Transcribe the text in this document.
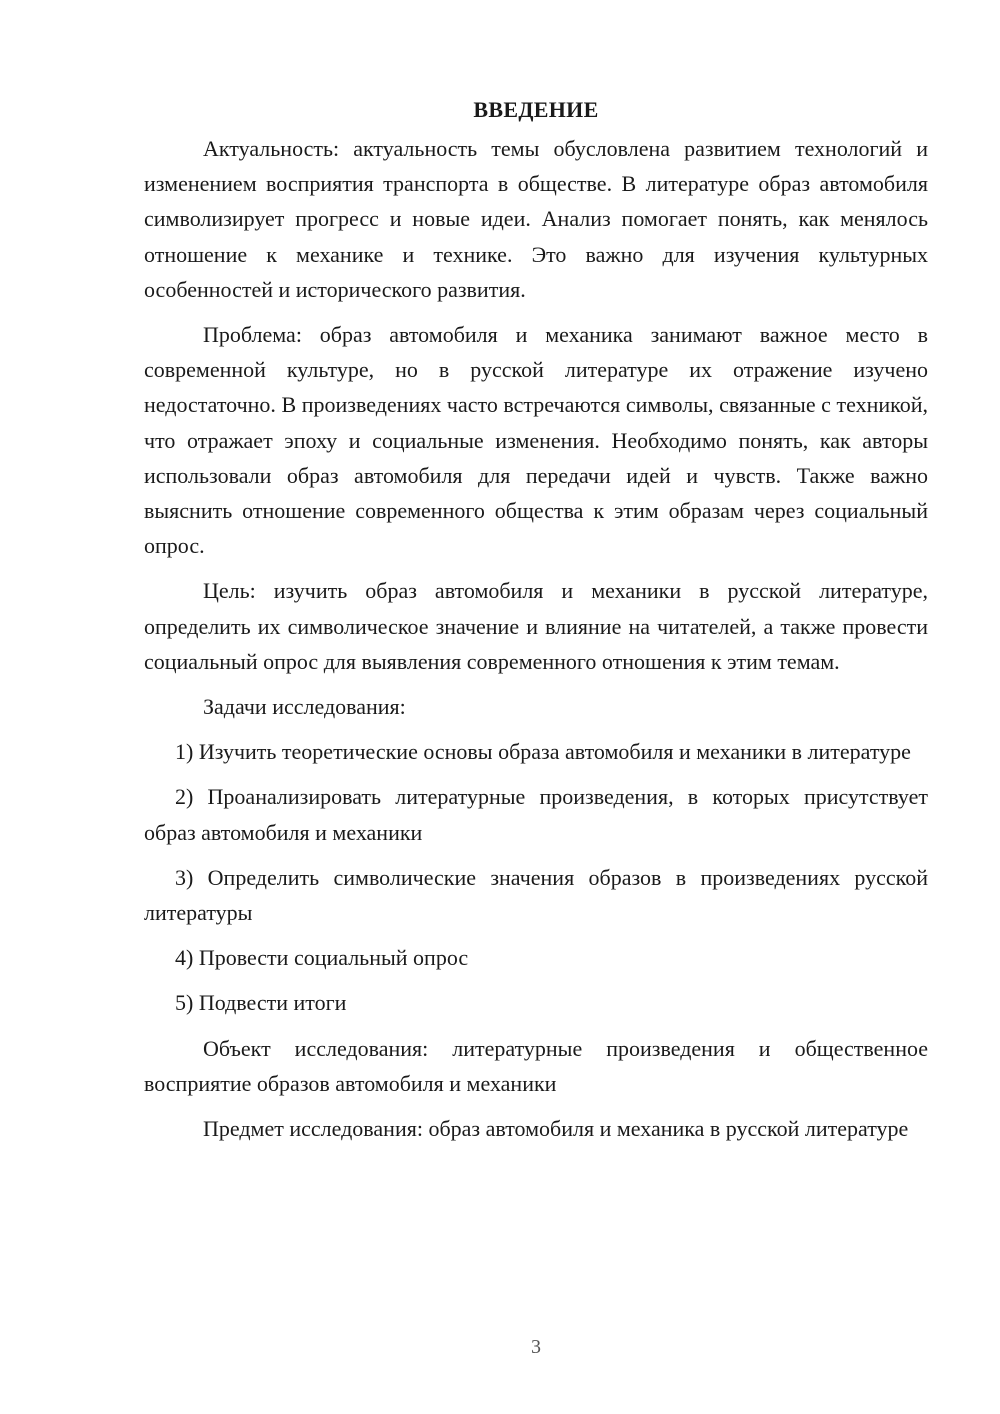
ВВЕДЕНИЕ

Актуальность: актуальность темы обусловлена развитием технологий и изменением восприятия транспорта в обществе. В литературе образ автомобиля символизирует прогресс и новые идеи. Анализ помогает понять, как менялось отношение к механике и технике. Это важно для изучения культурных особенностей и исторического развития.

Проблема: образ автомобиля и механика занимают важное место в современной культуре, но в русской литературе их отражение изучено недостаточно. В произведениях часто встречаются символы, связанные с техникой, что отражает эпоху и социальные изменения. Необходимо понять, как авторы использовали образ автомобиля для передачи идей и чувств. Также важно выяснить отношение современного общества к этим образам через социальный опрос.

Цель: изучить образ автомобиля и механики в русской литературе, определить их символическое значение и влияние на читателей, а также провести социальный опрос для выявления современного отношения к этим темам.

Задачи исследования:

1) Изучить теоретические основы образа автомобиля и механики в литературе

2) Проанализировать литературные произведения, в которых присутствует образ автомобиля и механики

3) Определить символические значения образов в произведениях русской литературы

4) Провести социальный опрос

5) Подвести итоги

Объект исследования: литературные произведения и общественное восприятие образов автомобиля и механики

Предмет исследования: образ автомобиля и механика в русской литературе

3
